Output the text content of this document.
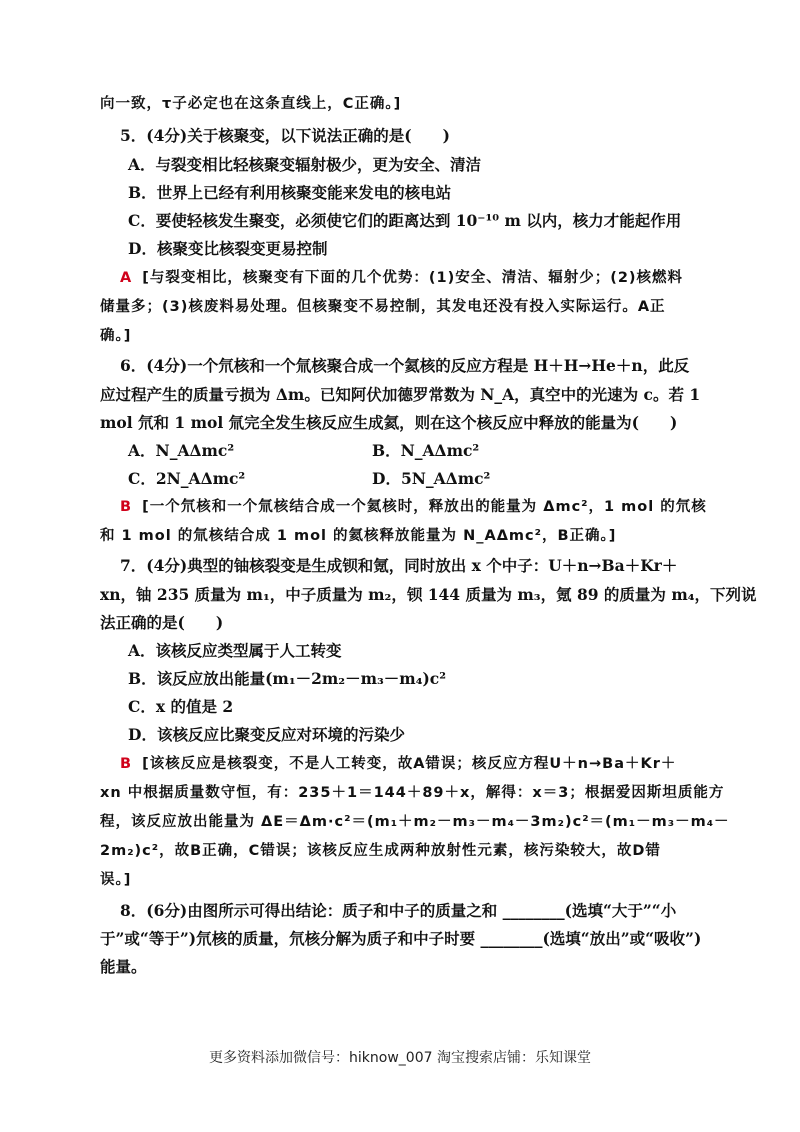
向一致，τ子必定也在这条直线上，C正确。]
5．(4分)关于核聚变，以下说法正确的是(　　)
A．与裂变相比轻核聚变辐射极少，更为安全、清洁
B．世界上已经有利用核聚变能来发电的核电站
C．要使轻核发生聚变，必须使它们的距离达到 10⁻¹⁰ m 以内，核力才能起作用
D．核聚变比核裂变更易控制
A [与裂变相比，核聚变有下面的几个优势：(1)安全、清洁、辐射少；(2)核燃料
储量多；(3)核废料易处理。但核聚变不易控制，其发电还没有投入实际运行。A正
确。]
6．(4分)一个氘核和一个氚核聚合成一个氦核的反应方程是 H＋H→He＋n，此反
应过程产生的质量亏损为 Δm。已知阿伏加德罗常数为 N_A，真空中的光速为 c。若 1
mol 氘和 1 mol 氚完全发生核反应生成氦，则在这个核反应中释放的能量为(　　)
A．N_AΔmc²	B．N_AΔmc²
C．2N_AΔmc²	D．5N_AΔmc²
B [一个氘核和一个氚核结合成一个氦核时，释放出的能量为 Δmc²，1 mol 的氘核
和 1 mol 的氚核结合成 1 mol 的氦核释放能量为 N_AΔmc²，B正确。]
7．(4分)典型的铀核裂变是生成钡和氪，同时放出 x 个中子：U＋n→Ba＋Kr＋
xn，铀 235 质量为 m₁，中子质量为 m₂，钡 144 质量为 m₃，氪 89 的质量为 m₄，下列说
法正确的是(　　)
A．该核反应类型属于人工转变
B．该反应放出能量(m₁－2m₂－m₃－m₄)c²
C．x 的值是 2
D．该核反应比聚变反应对环境的污染少
B [该核反应是核裂变，不是人工转变，故A错误；核反应方程U＋n→Ba＋Kr＋
xn 中根据质量数守恒，有：235＋1＝144＋89＋x，解得：x＝3；根据爱因斯坦质能方
程，该反应放出能量为 ΔE＝Δm·c²＝(m₁＋m₂－m₃－m₄－3m₂)c²＝(m₁－m₃－m₄－
2m₂)c²，故B正确，C错误；该核反应生成两种放射性元素，核污染较大，故D错
误。]
8．(6分)由图所示可得出结论：质子和中子的质量之和 ________(选填“大于”“小
于”或“等于”)氘核的质量，氘核分解为质子和中子时要 ________(选填“放出”或“吸收”)
能量。
更多资料添加微信号：hiknow_007 淘宝搜索店铺：乐知课堂
